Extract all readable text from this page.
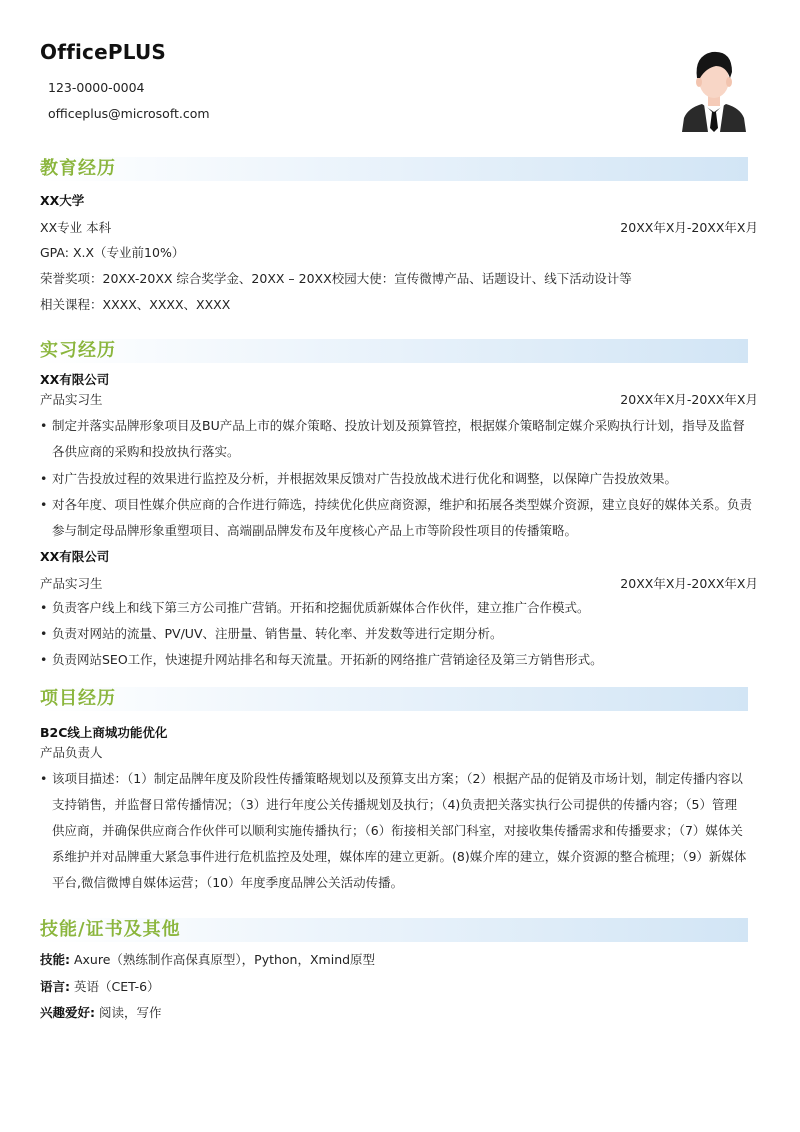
OfficePLUS
123-0000-0004
officeplus@microsoft.com
教育经历
XX大学
XX专业 本科	20XX年X月-20XX年X月
GPA: X.X（专业前10%）
荣誉奖项：20XX-20XX 综合奖学金、20XX – 20XX校园大使：宣传微博产品、话题设计、线下活动设计等
相关课程：XXXX、XXXX、XXXX
实习经历
XX有限公司
产品实习生	20XX年X月-20XX年X月
• 制定并落实品牌形象项目及BU产品上市的媒介策略、投放计划及预算管控，根据媒介策略制定媒介采购执行计划，指导及监督
各供应商的采购和投放执行落实。
• 对广告投放过程的效果进行监控及分析，并根据效果反馈对广告投放战术进行优化和调整，以保障广告投放效果。
• 对各年度、项目性媒介供应商的合作进行筛选，持续优化供应商资源，维护和拓展各类型媒介资源，建立良好的媒体关系。负责
参与制定母品牌形象重塑项目、高端副品牌发布及年度核心产品上市等阶段性项目的传播策略。
XX有限公司
产品实习生	20XX年X月-20XX年X月
• 负责客户线上和线下第三方公司推广营销。开拓和挖掘优质新媒体合作伙伴，建立推广合作模式。
• 负责对网站的流量、PV/UV、注册量、销售量、转化率、并发数等进行定期分析。
• 负责网站SEO工作，快速提升网站排名和每天流量。开拓新的网络推广营销途径及第三方销售形式。
项目经历
B2C线上商城功能优化
产品负责人
• 该项目描述：（1）制定品牌年度及阶段性传播策略规划以及预算支出方案；（2）根据产品的促销及市场计划，制定传播内容以
支持销售，并监督日常传播情况；（3）进行年度公关传播规划及执行；（4)负责把关落实执行公司提供的传播内容；（5）管理
供应商，并确保供应商合作伙伴可以顺利实施传播执行；（6）衔接相关部门科室，对接收集传播需求和传播要求；（7）媒体关
系维护并对品牌重大紧急事件进行危机监控及处理，媒体库的建立更新。(8)媒介库的建立，媒介资源的整合梳理；（9）新媒体
平台,微信微博自媒体运营；（10）年度季度品牌公关活动传播。
技能/证书及其他
技能: Axure（熟练制作高保真原型），Python，Xmind原型
语言: 英语（CET-6）
兴趣爱好: 阅读，写作
